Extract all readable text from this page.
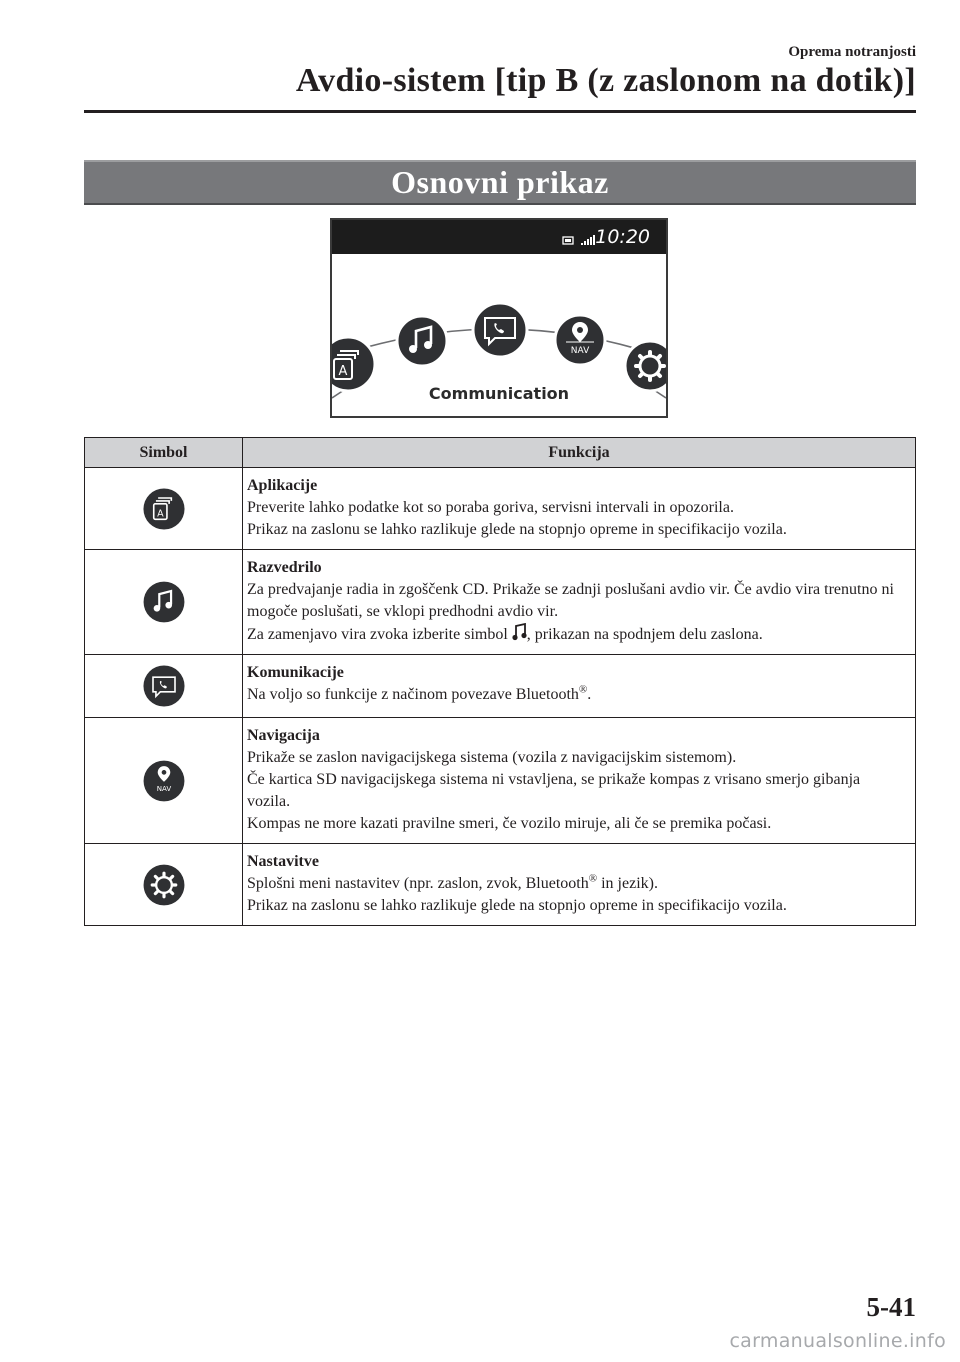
Oprema notranjosti
Avdio-sistem [tip B (z zaslonom na dotik)]
Osnovni prikaz
10:20
A
NAV
Communication
Simbol	Funkcija

A	Aplikacije
Preverite lahko podatke kot so poraba goriva, servisni intervali in opozorila.
Prikaz na zaslonu se lahko razlikuje glede na stopnjo opreme in specifikacijo vozila.

Razvedrilo
Za predvajanje radia in zgoščenk CD. Prikaže se zadnji poslušani avdio vir. Če avdio vira trenutno ni mogoče poslušati, se vklopi predhodni avdio vir.
Za zamenjavo vira zvoka izberite simbol , prikazan na spodnjem delu zaslona.

Komunikacije
Na voljo so funkcije z načinom povezave Bluetooth®.

NAV	Navigacija
Prikaže se zaslon navigacijskega sistema (vozila z navigacijskim sistemom).
Če kartica SD navigacijskega sistema ni vstavljena, se prikaže kompas z vrisano smerjo gibanja vozila.
Kompas ne more kazati pravilne smeri, če vozilo miruje, ali če se premika počasi.

Nastavitve
Splošni meni nastavitev (npr. zaslon, zvok, Bluetooth® in jezik).
Prikaz na zaslonu se lahko razlikuje glede na stopnjo opreme in specifikacijo vozila.
5-41
carmanualsonline.info
